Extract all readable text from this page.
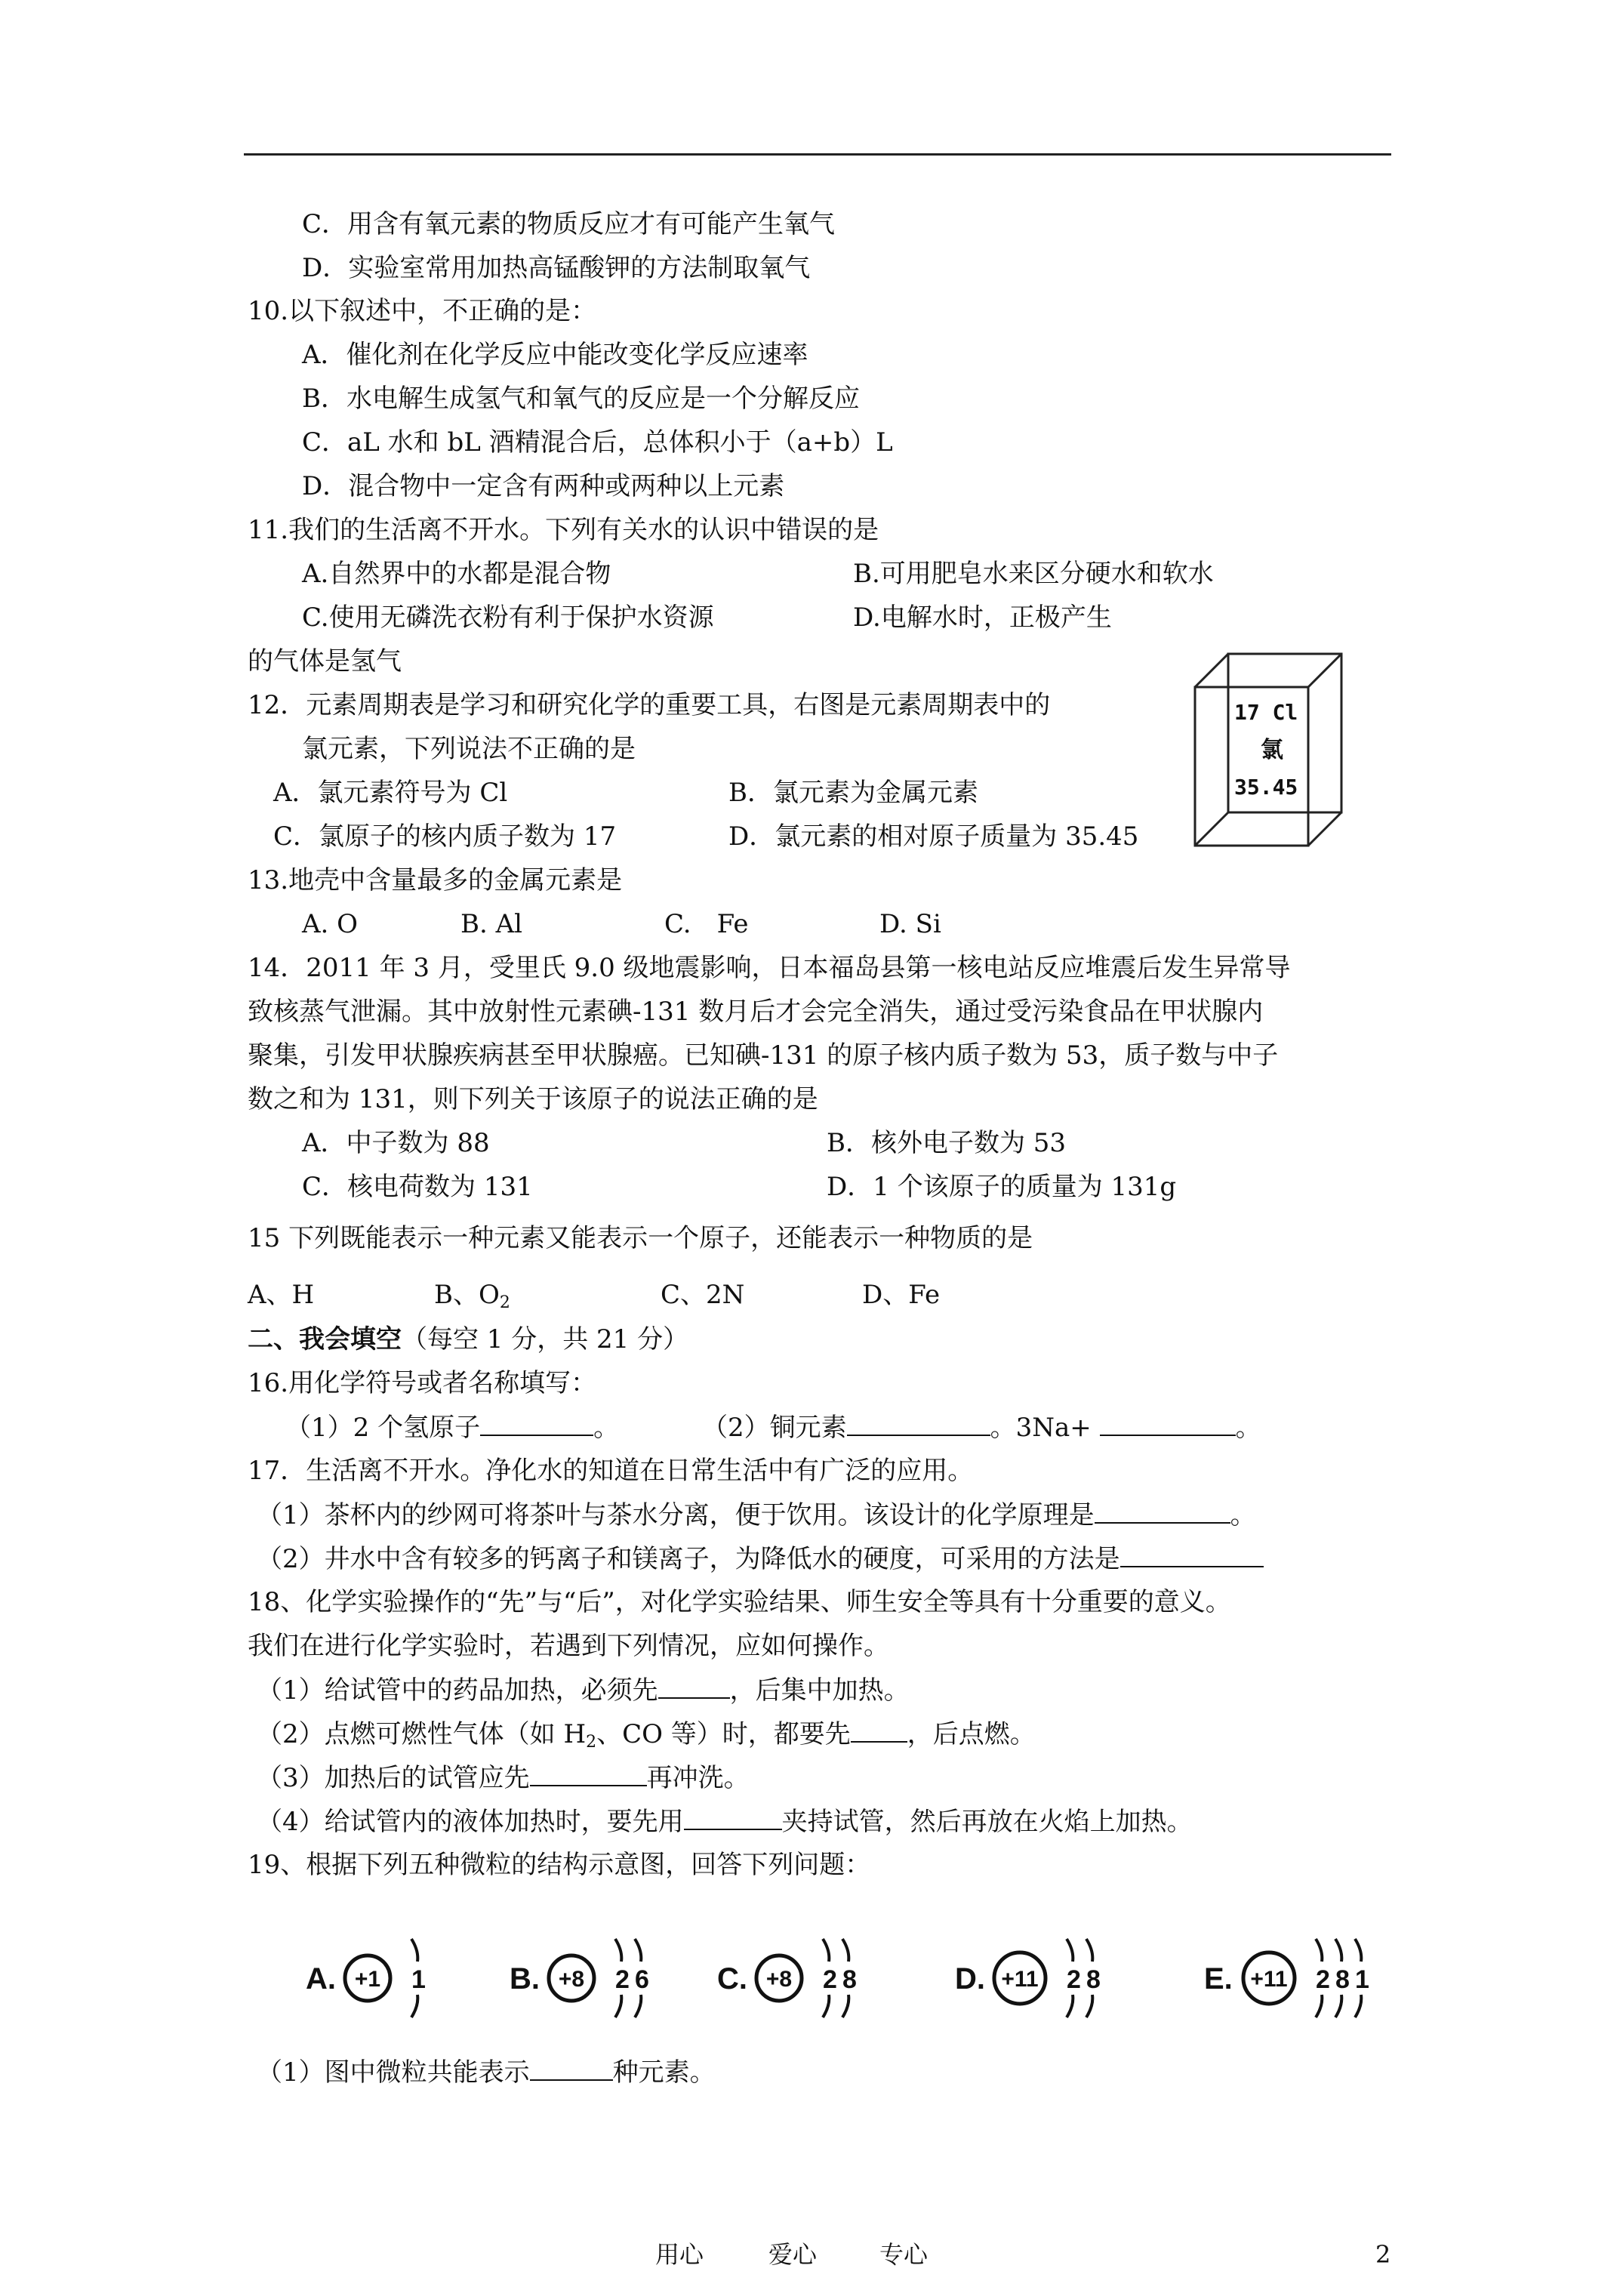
C．用含有氧元素的物质反应才有可能产生氧气
D．实验室常用加热高锰酸钾的方法制取氧气
10.以下叙述中，不正确的是：
A．催化剂在化学反应中能改变化学反应速率
B．水电解生成氢气和氧气的反应是一个分解反应
C．aL 水和 bL 酒精混合后，总体积小于（a+b）L
D．混合物中一定含有两种或两种以上元素
11.我们的生活离不开水。下列有关水的认识中错误的是
A.自然界中的水都是混合物	B.可用肥皂水来区分硬水和软水
C.使用无磷洗衣粉有利于保护水资源	D.电解水时，正极产生
的气体是氢气
12．元素周期表是学习和研究化学的重要工具，右图是元素周期表中的
氯元素，下列说法不正确的是
A．氯元素符号为 Cl	B．氯元素为金属元素
C．氯原子的核内质子数为 17	D．氯元素的相对原子质量为 35.45
17 Cl
氯
35.45
13.地壳中含量最多的金属元素是
A. O	B. Al	C.　Fe	D. Si
14．2011 年 3 月，受里氏 9.0 级地震影响，日本福岛县第一核电站反应堆震后发生异常导
致核蒸气泄漏。其中放射性元素碘-131 数月后才会完全消失，通过受污染食品在甲状腺内
聚集，引发甲状腺疾病甚至甲状腺癌。已知碘-131 的原子核内质子数为 53，质子数与中子
数之和为 131，则下列关于该原子的说法正确的是
A．中子数为 88	B．核外电子数为 53
C．核电荷数为 131	D．1 个该原子的质量为 131g
15 下列既能表示一种元素又能表示一个原子，还能表示一种物质的是
A、H	B、$O_2$	C、2N	D、Fe
二、我会填空（每空 1 分，共 21 分）
16.用化学符号或者名称填写：
（1）2 个氢原子	。	（2）铜元素	。3Na+	。
17．生活离不开水。净化水的知道在日常生活中有广泛的应用。
（1）茶杯内的纱网可将茶叶与茶水分离，便于饮用。该设计的化学原理是	。
（2）井水中含有较多的钙离子和镁离子，为降低水的硬度，可采用的方法是
18、化学实验操作的“先”与“后”，对化学实验结果、师生安全等具有十分重要的意义。
我们在进行化学实验时，若遇到下列情况，应如何操作。
（1）给试管中的药品加热，必须先	，后集中加热。
（2）点燃可燃性气体（如 $H_2$、CO 等）时，都要先 ，后点燃。
（3）加热后的试管应先	再冲洗。
（4）给试管内的液体加热时，要先用	夹持试管，然后再放在火焰上加热。
19、根据下列五种微粒的结构示意图，回答下列问题：
A. +1 1	B. +8 2 6 C. +8 2 8	D. +11 2 8	E. +11 2 8 1
（1）图中微粒共能表示	种元素。
用心	爱心	专心	2
